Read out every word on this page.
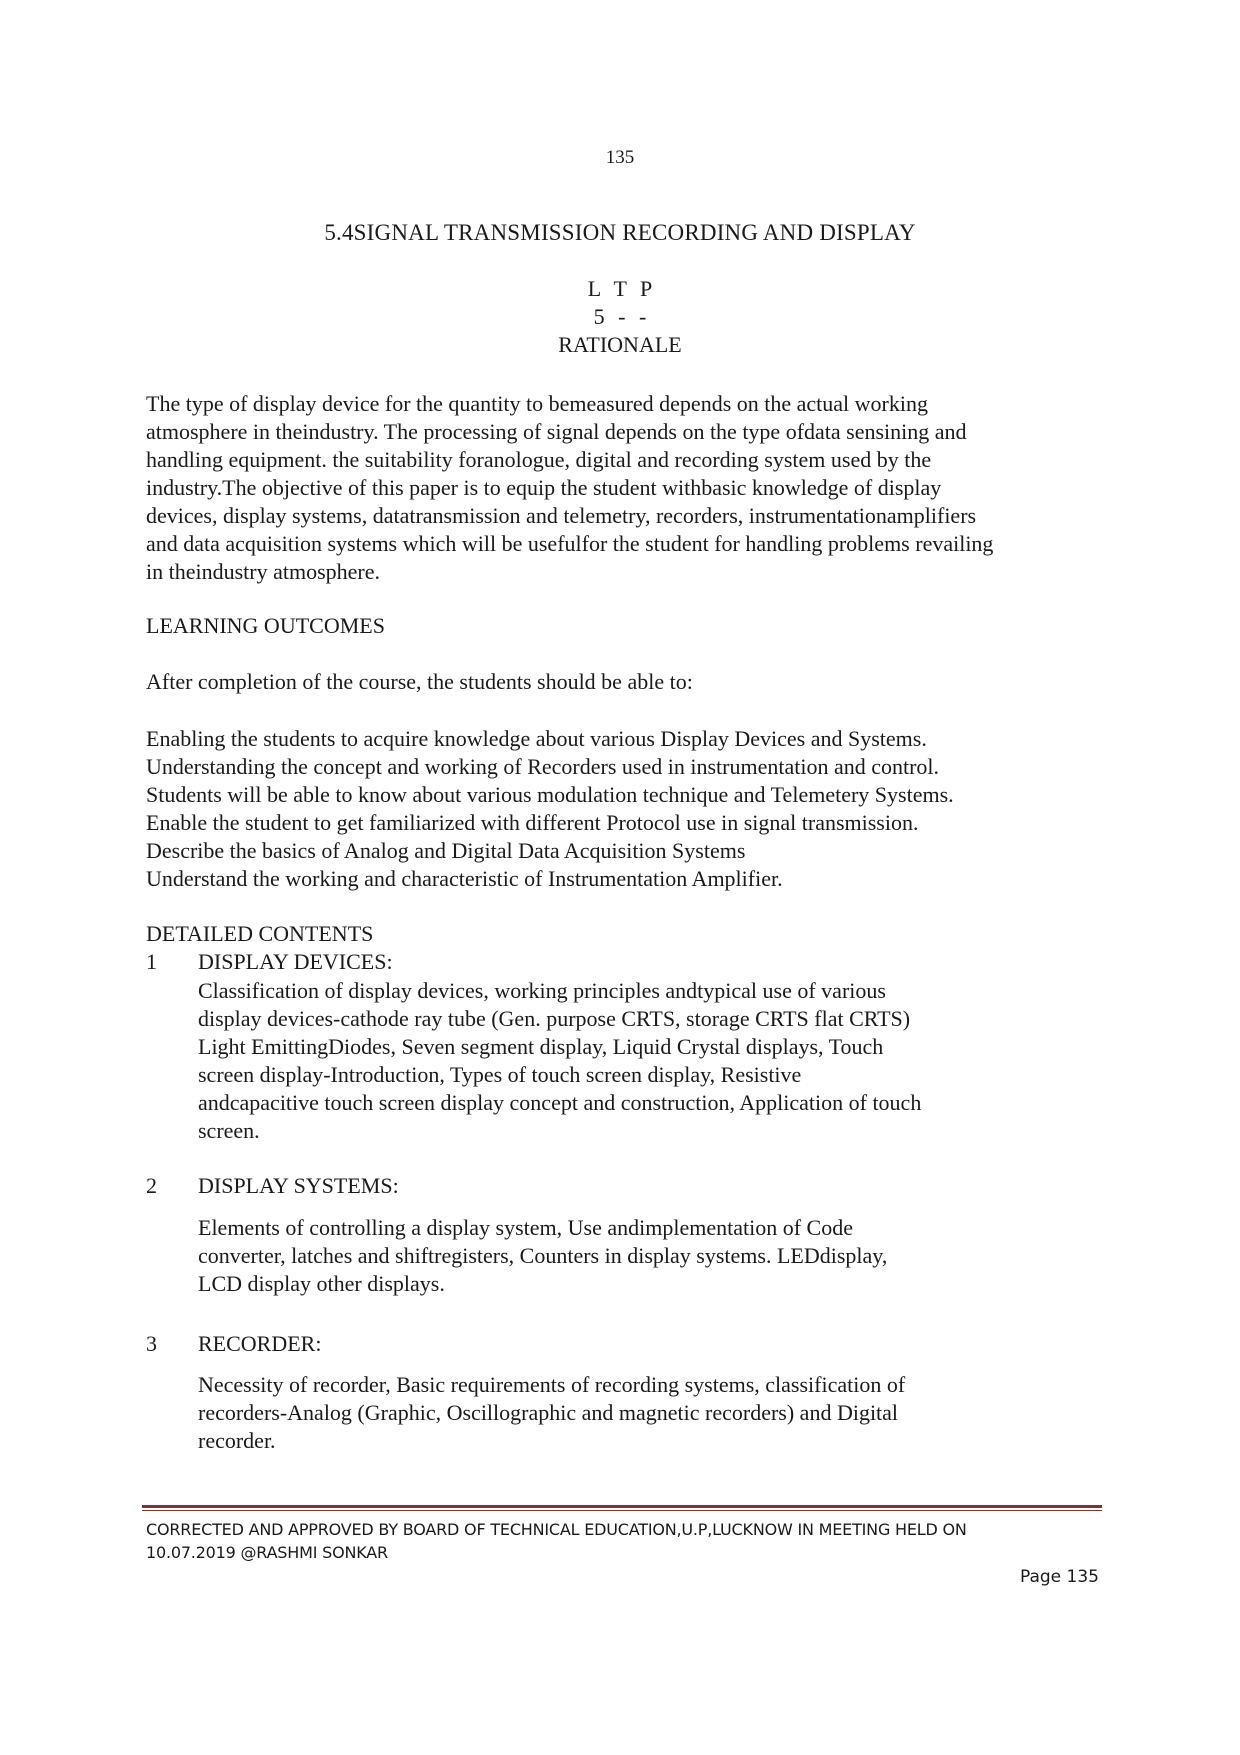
135
5.4SIGNAL TRANSMISSION RECORDING AND DISPLAY
L T P
5 - -
RATIONALE

The type of display device for the quantity to bemeasured depends on the actual working

atmosphere in theindustry. The processing of signal depends on the type ofdata sensining and

handling equipment. the suitability foranologue, digital and recording system used by the

industry.The objective of this paper is to equip the student withbasic knowledge of display

devices, display systems, datatransmission and telemetry, recorders, instrumentationamplifiers

and data acquisition systems which will be usefulfor the student for handling problems revailing

in theindustry atmosphere.

LEARNING OUTCOMES
After completion of the course, the students should be able to:

Enabling the students to acquire knowledge about various Display Devices and Systems.

Understanding the concept and working of Recorders used in instrumentation and control.

Students will be able to know about various modulation technique and Telemetery Systems.

Enable the student to get familiarized with different Protocol use in signal transmission.

Describe the basics of Analog and Digital Data Acquisition Systems

Understand the working and characteristic of Instrumentation Amplifier.

DETAILED CONTENTS
1 DISPLAY DEVICES:
Classification of display devices, working principles andtypical use of various
display devices-cathode ray tube (Gen. purpose CRTS, storage CRTS flat CRTS)
Light EmittingDiodes, Seven segment display, Liquid Crystal displays, Touch
screen display-Introduction, Types of touch screen display, Resistive
andcapacitive touch screen display concept and construction, Application of touch
screen.
2 DISPLAY SYSTEMS:
Elements of controlling a display system, Use andimplementation of Code
converter, latches and shiftregisters, Counters in display systems. LEDdisplay,
LCD display other displays.
3 RECORDER:
Necessity of recorder, Basic requirements of recording systems, classification of
recorders-Analog (Graphic, Oscillographic and magnetic recorders) and Digital
recorder.
CORRECTED AND APPROVED BY BOARD OF TECHNICAL EDUCATION,U.P,LUCKNOW IN MEETING HELD ON
10.07.2019 @RASHMI SONKAR
Page 135
